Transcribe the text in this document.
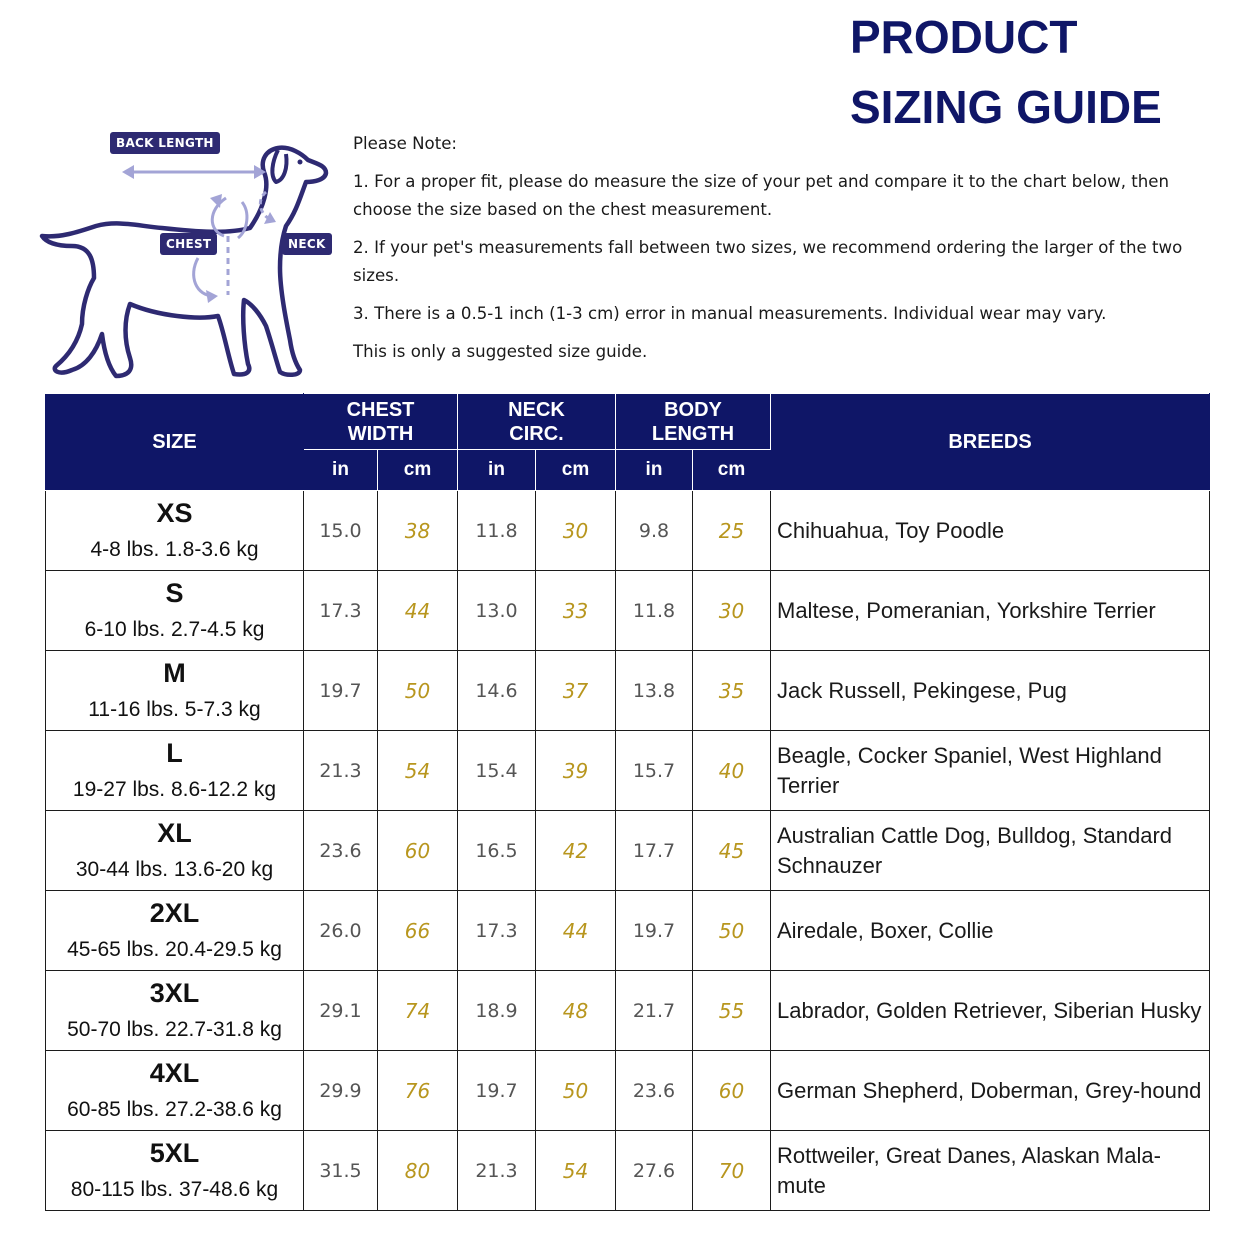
PRODUCT
SIZING GUIDE
BACK LENGTH
CHEST	NECK

Please Note:

1. For a proper fit, please do measure the size of your pet and compare it to the chart below, then choose the size based on the chest measurement.

2. If your pet's measurements fall between two sizes, we recommend ordering the larger of the two sizes.

3. There is a 0.5-1 inch (1-3 cm) error in manual measurements. Individual wear may vary.

This is only a suggested size guide.

SIZE	CHEST WIDTH		NECK CIRC.		BODY LENGTH		BREEDS
	in	cm	in	cm	in	cm	

XS
4-8 lbs. 1.8-3.6 kg	15.0	38	11.8	30	9.8	25	Chihuahua, Toy Poodle

S
6-10 lbs. 2.7-4.5 kg	17.3	44	13.0	33	11.8	30	Maltese, Pomeranian, Yorkshire Terrier

M
11-16 lbs. 5-7.3 kg	19.7	50	14.6	37	13.8	35	Jack Russell, Pekingese, Pug

L
19-27 lbs. 8.6-12.2 kg	21.3	54	15.4	39	15.7	40	Beagle, Cocker Spaniel, West Highland Terrier

XL
30-44 lbs. 13.6-20 kg	23.6	60	16.5	42	17.7	45	Australian Cattle Dog, Bulldog, Standard Schnauzer

2XL
45-65 lbs. 20.4-29.5 kg	26.0	66	17.3	44	19.7	50	Airedale, Boxer, Collie

3XL
50-70 lbs. 22.7-31.8 kg	29.1	74	18.9	48	21.7	55	Labrador, Golden Retriever, Siberian Husky

4XL
60-85 lbs. 27.2-38.6 kg	29.9	76	19.7	50	23.6	60	German Shepherd, Doberman, Grey-hound

5XL
80-115 lbs. 37-48.6 kg	31.5	80	21.3	54	27.6	70	Rottweiler, Great Danes, Alaskan Mala-mute
